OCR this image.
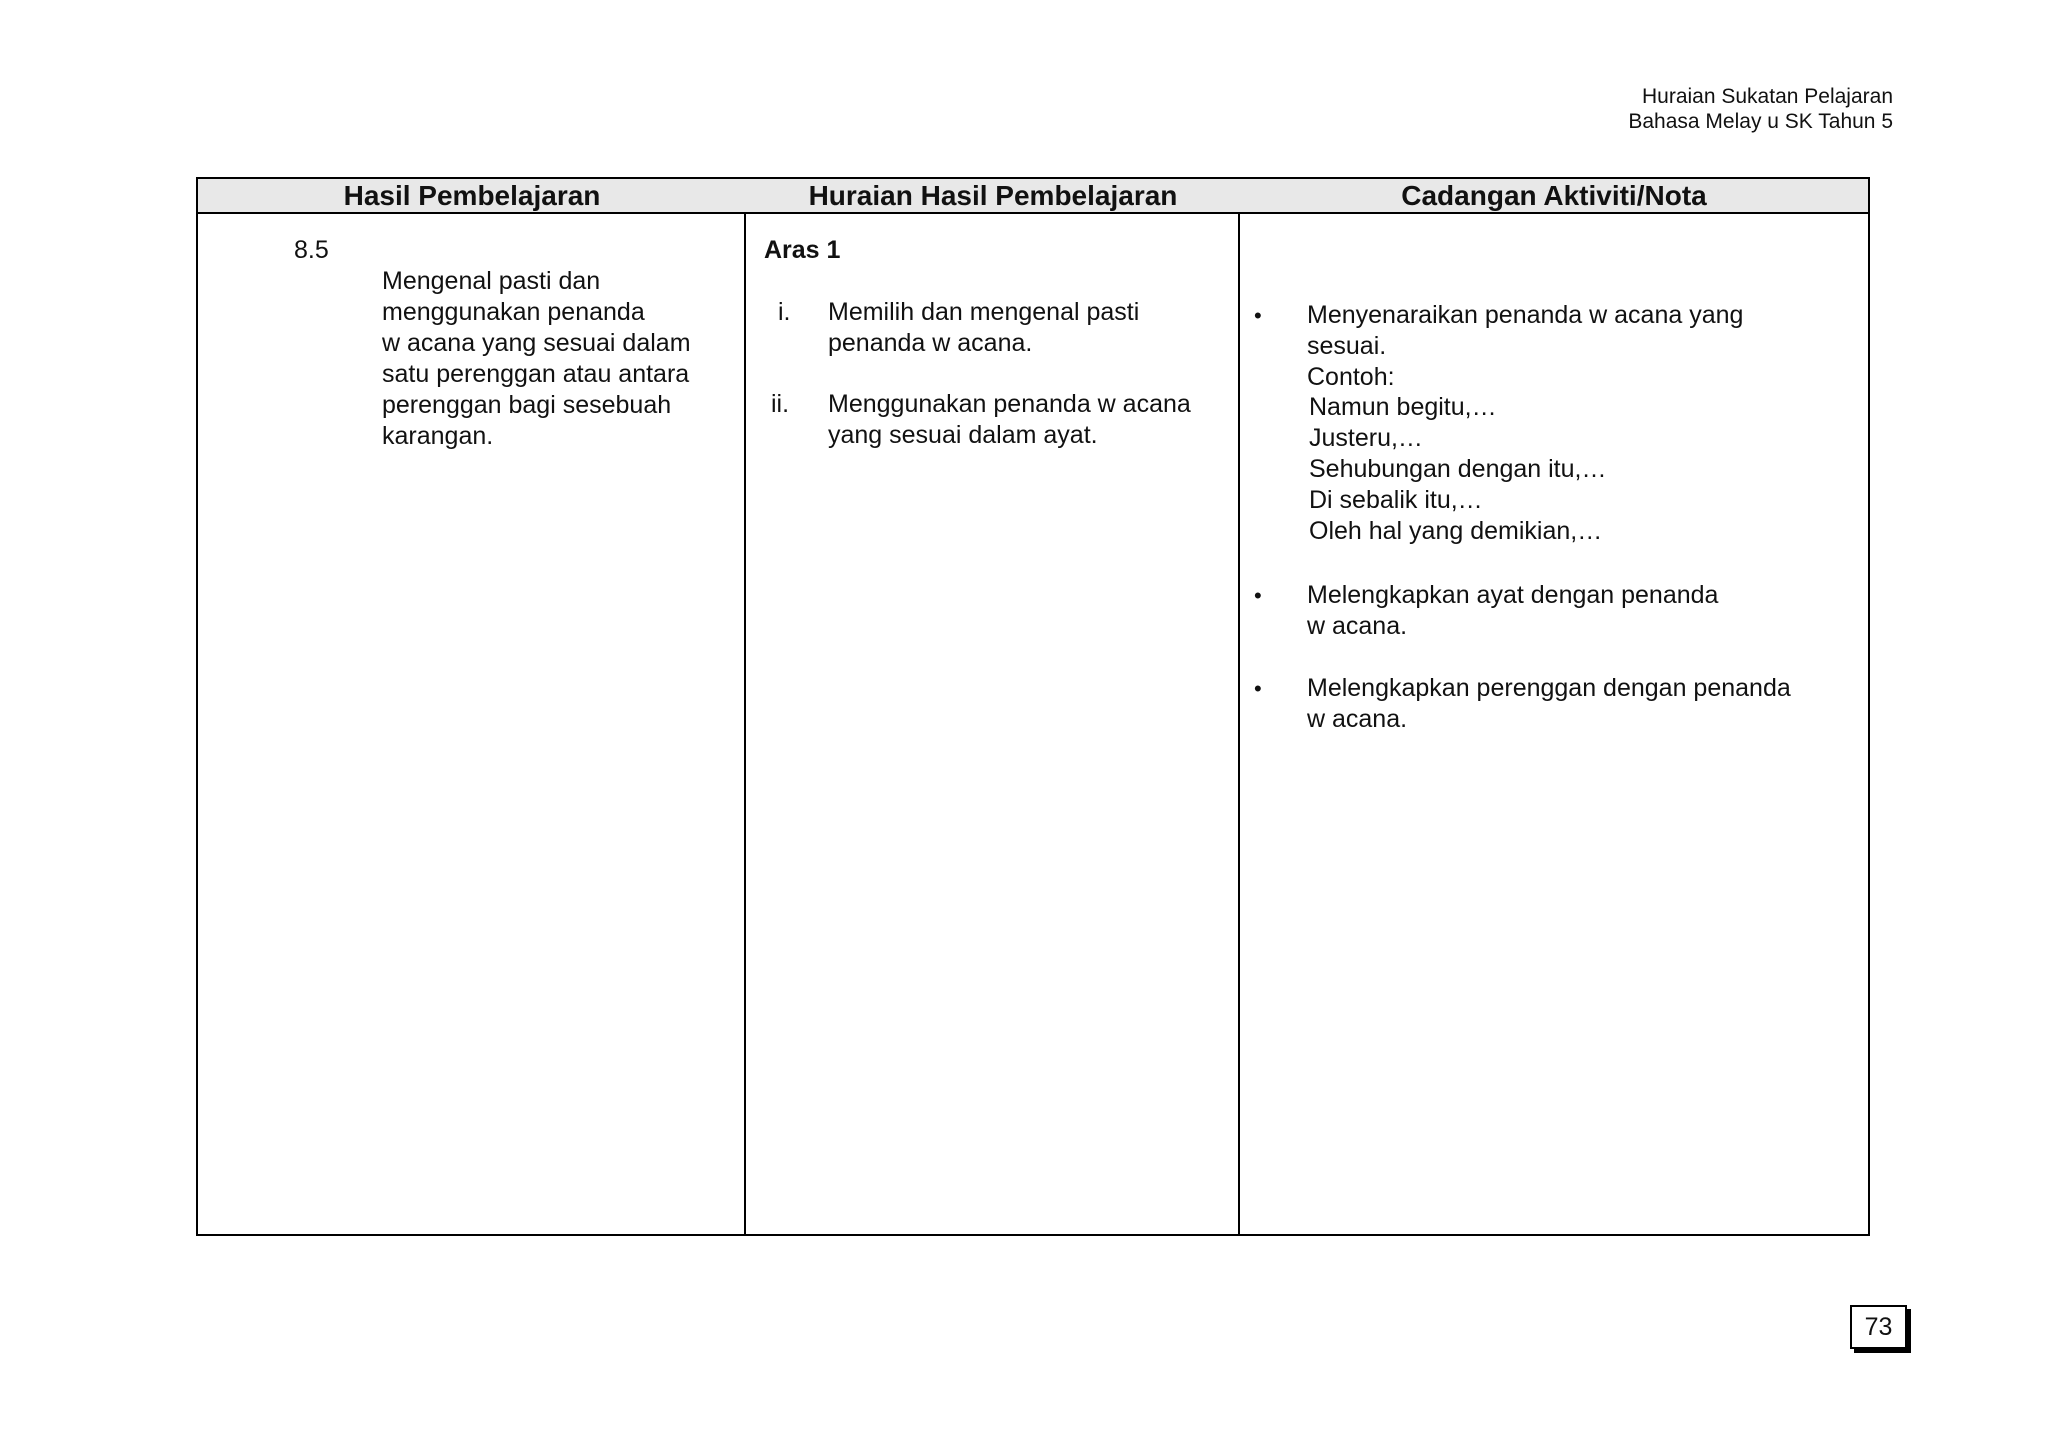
Huraian Sukatan Pelajaran
Bahasa Melay u SK Tahun 5
Hasil Pembelajaran	Huraian Hasil Pembelajaran	Cadangan Aktiviti/Nota
8.5
Mengenal pasti dan
menggunakan penanda
w acana yang sesuai dalam
satu perenggan atau antara
perenggan bagi sesebuah
karangan.
Aras 1
i. Memilih dan mengenal pasti
penanda w acana.
ii. Menggunakan penanda w acana
yang sesuai dalam ayat.
• Menyenaraikan penanda w acana yang
sesuai.
Contoh:
Namun begitu,…
Justeru,…
Sehubungan dengan itu,…
Di sebalik itu,…
Oleh hal yang demikian,…
• Melengkapkan ayat dengan penanda
w acana.
• Melengkapkan perenggan dengan penanda
w acana.
73
